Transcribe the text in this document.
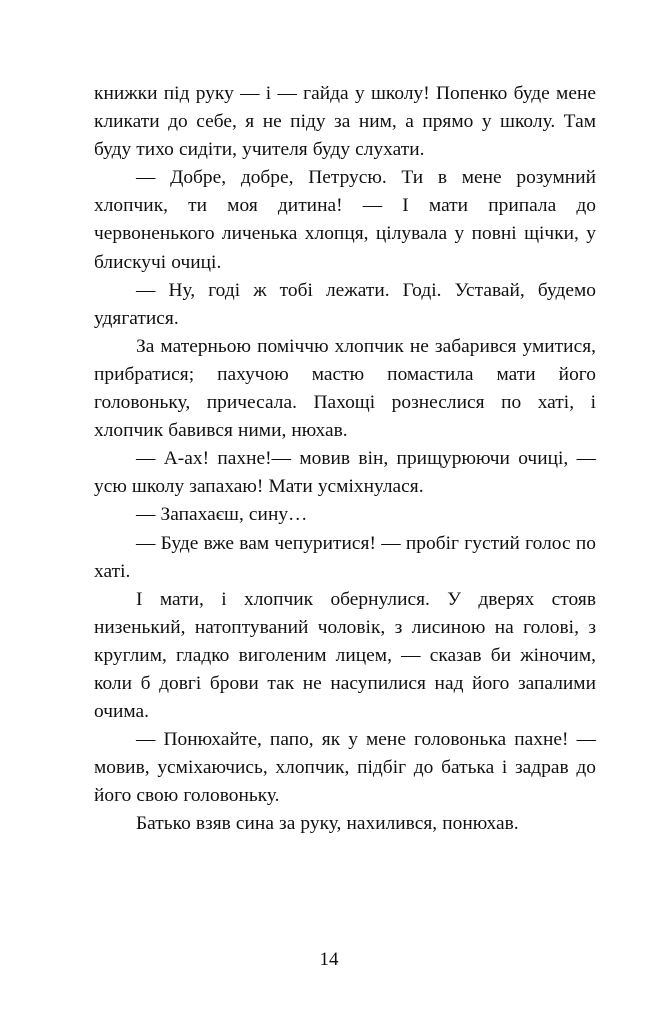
книжки під руку — і — гайда у школу! Попенко буде мене кликати до себе, я не піду за ним, а прямо у школу. Там буду тихо сидіти, учителя буду слухати.

— Добре, добре, Петрусю. Ти в мене розумний хлопчик, ти моя дитина! — І мати припала до червоненького личенька хлопця, цілувала у повні щічки, у блискучі очиці.

— Ну, годі ж тобі лежати. Годі. Уставай, будемо удягатися.

За матерньою поміччю хлопчик не забарився умитися, прибратися; пахучою мастю помастила мати його головоньку, причесала. Пахощі рознеслися по хаті, і хлопчик бавився ними, нюхав.

— А-ах! пахне!— мовив він, прищурюючи очиці, — усю школу запахаю! Мати усміхнулася.

— Запахаєш, сину…

— Буде вже вам чепуритися! — пробіг густий голос по хаті.

І мати, і хлопчик обернулися. У дверях стояв низенький, натоптуваний чоловік, з лисиною на голові, з круглим, гладко виголеним лицем, — сказав би жіночим, коли б довгі брови так не насупилися над його запалими очима.

— Понюхайте, папо, як у мене головонька пахне! — мовив, усміхаючись, хлопчик, підбіг до батька і задрав до його свою головоньку.

Батько взяв сина за руку, нахилився, понюхав.

14
